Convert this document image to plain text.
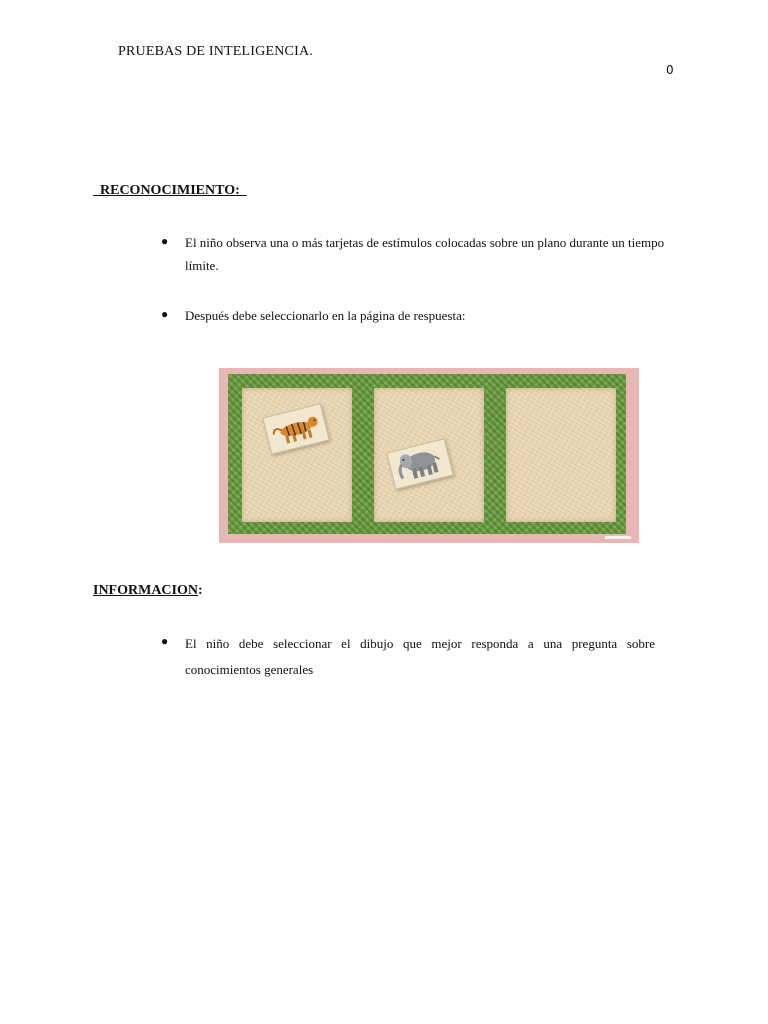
PRUEBAS DE INTELIGENCIA.
0
RECONOCIMIENTO:
● El niño observa una o más tarjetas de estímulos colocadas sobre un plano durante un tiempo límite.
● Después debe seleccionarlo en la página de respuesta:
INFORMACION:
● El niño debe seleccionar el dibujo que mejor responda a una pregunta sobre conocimientos generales
